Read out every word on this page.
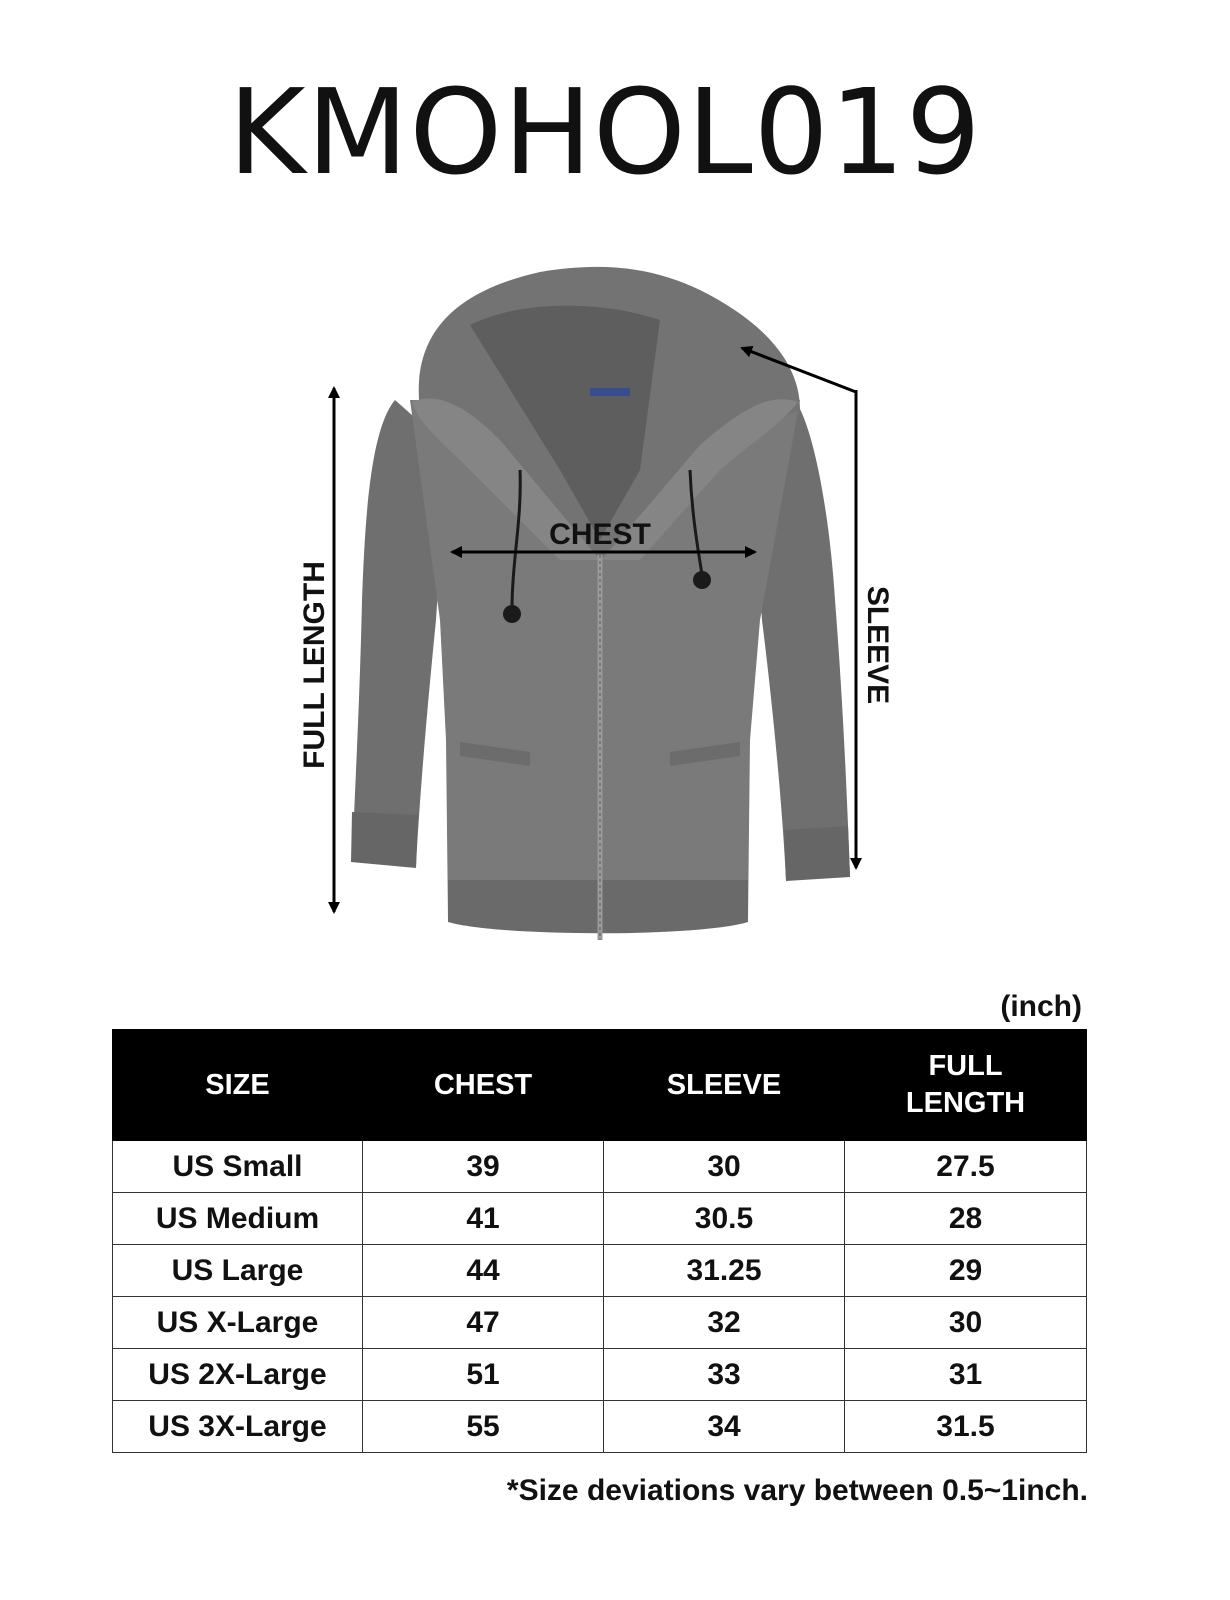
KMOHOL019
CHEST
FULL LENGTH	SLEEVE
(inch)
SIZE	CHEST	SLEEVE	FULL
LENGTH
US Small	39	30	27.5
US Medium	41	30.5	28
US Large	44	31.25	29
US X-Large	47	32	30
US 2X-Large	51	33	31
US 3X-Large	55	34	31.5
*Size deviations vary between 0.5~1inch.
